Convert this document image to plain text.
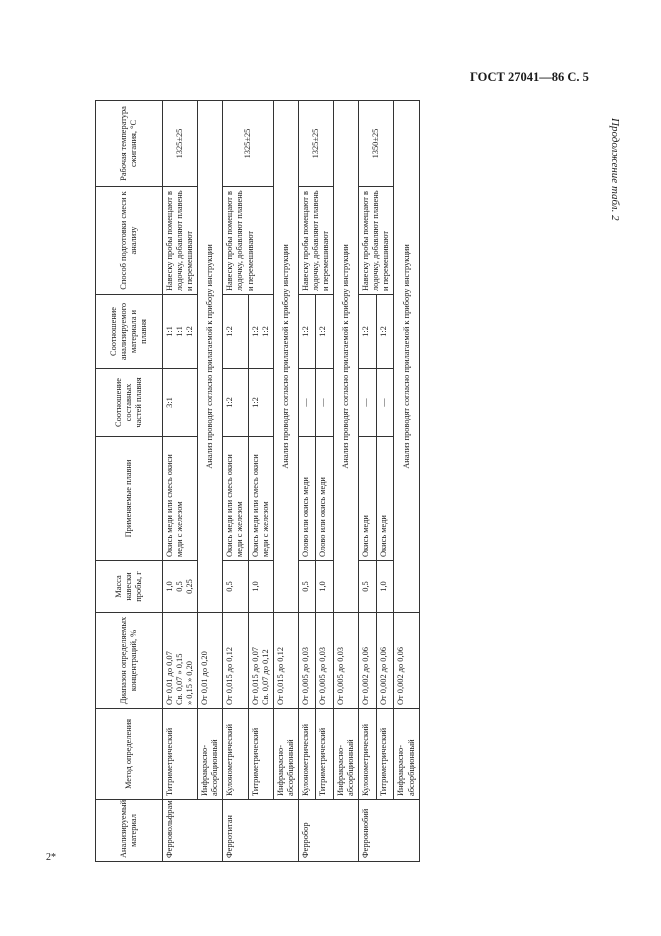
ГОСТ 27041—86 С. 5
Продолжение табл. 2
2*	Анализируемый материал	Метод определения	Диапазон определяемых концентраций, %	Масса навески пробы, г	Применяемые плавни	Соотношение составных частей плавня	Соотношение анализируемого материала и плавня	Способ подготовки смеси к анализу	Рабочая температура сжигания, °С
Ферровольфрам	Титриметрический	От 0,01 до 0,07
Св. 0,07 » 0,15
» 0,15 » 0,20	1,0
0,5
0,25	Окись меди или смесь окиси меди с железом	3:1	1:1
1:1
1:2	Навеску пробы помещают в лодочку, добавляют плавень и перемешивают	1325±25
	Инфракрасно-абсорбционный	От 0,01 до 0,20	Анализ проводят согласно прилагаемой к прибору инструкции					
Ферротитан	Кулонометрический	От 0,015 до 0,12	0,5	Окись меди или смесь окиси меди с железом	1:2	1:2	Навеску пробы помещают в лодочку, добавляют плавень и перемешивают	1325±25
	Титриметрический	От 0,015 до 0,07
Св. 0,07 до 0,12	1,0	Окись меди или смесь окиси меди с железом	1:2	1:2
1:2		
	Инфракрасно-абсорбционный	От 0,015 до 0,12	Анализ проводят согласно прилагаемой к прибору инструкции					
Ферробор	Кулонометрический	От 0,005 до 0,03	0,5	Олово или окись меди	—	1:2	Навеску пробы помещают в лодочку, добавляют плавень и перемешивают	1325±25
	Титриметрический	От 0,005 до 0,03	1,0	Олово или окись меди	—	1:2		
	Инфракрасно-абсорбционный	От 0,005 до 0,03	Анализ проводят согласно прилагаемой к прибору инструкции					
Феррониобий	Кулонометрический	От 0,002 до 0,06	0,5	Окись меди	—	1:2	Навеску пробы помещают в лодочку, добавляют плавень и перемешивают	1350±25
	Титриметрический	От 0,002 до 0,06	1,0	Окись меди	—	1:2		
	Инфракрасно-абсорбционный	От 0,002 до 0,06	Анализ проводят согласно прилагаемой к прибору инструкции					
